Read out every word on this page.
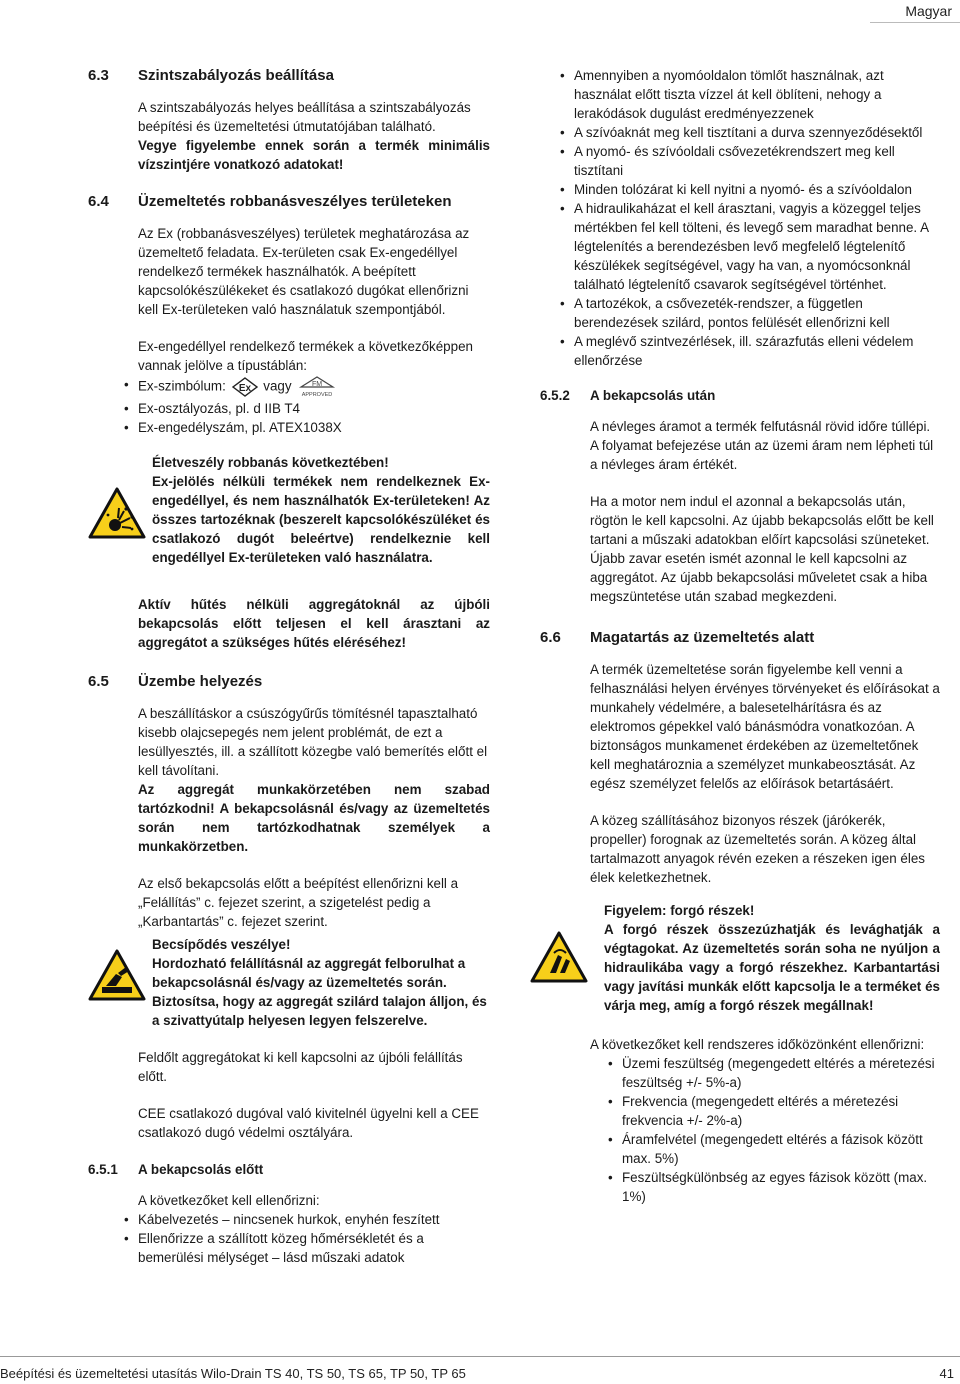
Magyar
6.3	Szintszabályozás beállítása

A szintszabályozás helyes beállítása a szintszabályozás beépítési és üzemeltetési útmutatójában található.

Vegye figyelembe ennek során a termék minimális vízszintjére vonatkozó adatokat!

6.4	Üzemeltetés robbanásveszélyes területeken

Az Ex (robbanásveszélyes) területek meghatározása az üzemeltető feladata. Ex-területen csak Ex-engedéllyel rendelkező termékek használhatók. A beépített kapcsolókészülékeket és csatlakozó dugókat ellenőrizni kell Ex-területeken való használatuk szempontjából.

Ex-engedéllyel rendelkező termékek a következőképpen vannak jelölve a típustáblán:

• Ex-szimbólum: Ex vagy	FM
APPROVED
• Ex-osztályozás, pl. d IIB T4
• Ex-engedélyszám, pl. ATEX1038X

Életveszély robbanás következtében!

Ex-jelölés nélküli termékek nem rendelkeznek Ex-engedéllyel, és nem használhatók Ex-területeken! Az összes tartozéknak (beszerelt kapcsolókészüléket és csatlakozó dugót beleértve) rendelkeznie kell engedéllyel Ex-területeken való használatra.

Aktív hűtés nélküli aggregátoknál az újbóli bekapcsolás előtt teljesen el kell árasztani az aggregátot a szükséges hűtés eléréséhez!

6.5	Üzembe helyezés

A beszállításkor a csúszógyűrűs tömítésnél tapasztalható kisebb olajcsepegés nem jelent problémát, de ezt a lesüllyesztés, ill. a szállított közegbe való bemerítés előtt el kell távolítani.

Az aggregát munkakörzetében nem szabad tartózkodni! A bekapcsolásnál és/vagy az üzemeltetés során nem tartózkodhatnak személyek a munkakörzetben.

Az első bekapcsolás előtt a beépítést ellenőrizni kell a „Felállítás” c. fejezet szerint, a szigetelést pedig a „Karbantartás” c. fejezet szerint.

Becsípődés veszélye!

Hordozható felállításnál az aggregát felborulhat a bekapcsolásnál és/vagy az üzemeltetés során. Biztosítsa, hogy az aggregát szilárd talajon álljon, és a szivattyútalp helyesen legyen felszerelve.

Feldőlt aggregátokat ki kell kapcsolni az újbóli felállítás előtt.

CEE csatlakozó dugóval való kivitelnél ügyelni kell a CEE csatlakozó dugó védelmi osztályára.

6.5.1	A bekapcsolás előtt

A következőket kell ellenőrizni:

• Kábelvezetés – nincsenek hurkok, enyhén feszített
• Ellenőrizze a szállított közeg hőmérsékletét és a bemerülési mélységet – lásd műszaki adatok
• Amennyiben a nyomóoldalon tömlőt használnak, azt használat előtt tiszta vízzel át kell öblíteni, nehogy a lerakódások dugulást eredményezzenek
• A szívóaknát meg kell tisztítani a durva szennyeződésektől
• A nyomó- és szívóoldali csővezetékrendszert meg kell tisztítani
• Minden tolózárat ki kell nyitni a nyomó- és a szívóoldalon
• A hidraulikaházat el kell árasztani, vagyis a közeggel teljes mértékben fel kell tölteni, és levegő sem maradhat benne. A légtelenítés a berendezésben levő megfelelő légtelenítő készülékek segítségével, vagy ha van, a nyomócsonknál található légtelenítő csavarok segítségével történhet.
• A tartozékok, a csővezeték-rendszer, a független berendezések szilárd, pontos felülését ellenőrizni kell
• A meglévő szintvezérlések, ill. szárazfutás elleni védelem ellenőrzése
6.5.2	A bekapcsolás után

A névleges áramot a termék felfutásnál rövid időre túllépi. A folyamat befejezése után az üzemi áram nem lépheti túl a névleges áram értékét.

Ha a motor nem indul el azonnal a bekapcsolás után, rögtön le kell kapcsolni. Az újabb bekapcsolás előtt be kell tartani a műszaki adatokban előírt kapcsolási szüneteket. Újabb zavar esetén ismét azonnal le kell kapcsolni az aggregátot. Az újabb bekapcsolási műveletet csak a hiba megszüntetése után szabad megkezdeni.

6.6	Magatartás az üzemeltetés alatt

A termék üzemeltetése során figyelembe kell venni a felhasználási helyen érvényes törvényeket és előírásokat a munkahely védelmére, a balesetelhárításra és az elektromos gépekkel való bánásmódra vonatkozóan. A biztonságos munkamenet érdekében az üzemeltetőnek kell meghatároznia a személyzet munkabeosztását. Az egész személyzet felelős az előírások betartásáért.

A közeg szállításához bizonyos részek (járókerék, propeller) forognak az üzemeltetés során. A közeg által tartalmazott anyagok révén ezeken a részeken igen éles élek keletkezhetnek.

Figyelem: forgó részek!

A forgó részek összezúzhatják és levághatják a végtagokat. Az üzemeltetés során soha ne nyúljon a hidraulikába vagy a forgó részekhez. Karbantartási vagy javítási munkák előtt kapcsolja le a terméket és várja meg, amíg a forgó részek megállnak!

A következőket kell rendszeres időközönként ellenőrizni:

• Üzemi feszültség (megengedett eltérés a méretezési feszültség +/- 5%-a)
• Frekvencia (megengedett eltérés a méretezési frekvencia +/- 2%-a)
• Áramfelvétel (megengedett eltérés a fázisok között max. 5%)
• Feszültségkülönbség az egyes fázisok között (max. 1%)
Beépítési és üzemeltetési utasítás Wilo-Drain TS 40, TS 50, TS 65, TP 50, TP 65	41
